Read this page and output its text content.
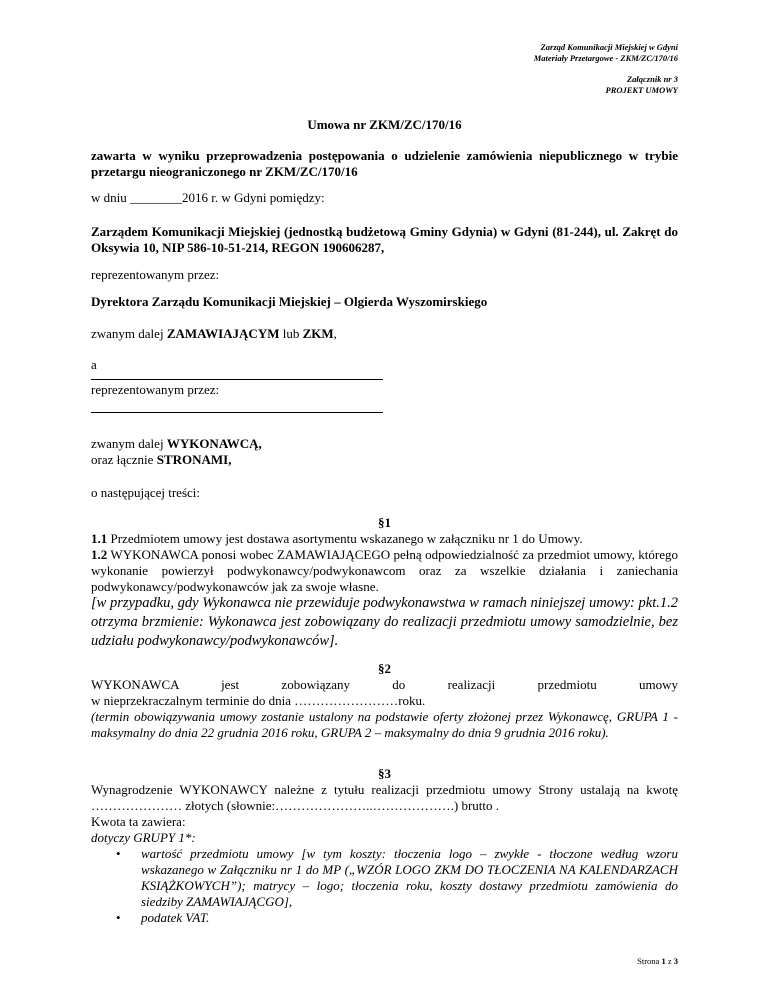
Zarząd Komunikacji Miejskiej w Gdyni
Materiały Przetargowe - ZKM/ZC/170/16
Załącznik nr 3
PROJEKT UMOWY
Umowa nr ZKM/ZC/170/16
zawarta w wyniku przeprowadzenia postępowania o udzielenie zamówienia niepublicznego w trybie przetargu nieograniczonego nr ZKM/ZC/170/16
w dniu ________2016 r. w Gdyni pomiędzy:
Zarządem Komunikacji Miejskiej (jednostką budżetową Gminy Gdynia) w Gdyni (81-244), ul. Zakręt do Oksywia 10, NIP 586-10-51-214, REGON 190606287,
reprezentowanym przez:
Dyrektora Zarządu Komunikacji Miejskiej – Olgierda Wyszomirskiego
zwanym dalej ZAMAWIAJĄCYM lub ZKM,
a
reprezentowanym przez:
zwanym dalej WYKONAWCĄ,
oraz łącznie STRONAMI,
o następującej treści:
§1
1.1 Przedmiotem umowy jest dostawa asortymentu wskazanego w załączniku nr 1 do Umowy.
1.2 WYKONAWCA ponosi wobec ZAMAWIAJĄCEGO pełną odpowiedzialność za przedmiot umowy, którego wykonanie powierzył podwykonawcy/podwykonawcom oraz za wszelkie działania i zaniechania podwykonawcy/podwykonawców jak za swoje własne.
[w przypadku, gdy Wykonawca nie przewiduje podwykonawstwa w ramach niniejszej umowy: pkt.1.2 otrzyma brzmienie: Wykonawca jest zobowiązany do realizacji przedmiotu umowy samodzielnie, bez udziału podwykonawcy/podwykonawców].
§2
WYKONAWCA jest zobowiązany do realizacji przedmiotu umowy
w nieprzekraczalnym terminie do dnia ……………………roku.
(termin obowiązywania umowy zostanie ustalony na podstawie oferty złożonej przez Wykonawcę, GRUPA 1 - maksymalny do dnia 22 grudnia 2016 roku, GRUPA 2 – maksymalny do dnia 9 grudnia 2016 roku).
§3
Wynagrodzenie WYKONAWCY należne z tytułu realizacji przedmiotu umowy Strony ustalają na kwotę ………………… złotych (słownie:…………………..……………….) brutto .
Kwota ta zawiera:
dotyczy GRUPY 1*:
• wartość przedmiotu umowy [w tym koszty: tłoczenia logo – zwykłe - tłoczone według wzoru wskazanego w Załączniku nr 1 do MP („WZÓR LOGO ZKM DO TŁOCZENIA NA KALENDARZACH KSIĄŻKOWYCH”); matrycy – logo; tłoczenia roku, koszty dostawy przedmiotu zamówienia do siedziby ZAMAWIAJĄCGO],
• podatek VAT.
Strona 1 z 3
